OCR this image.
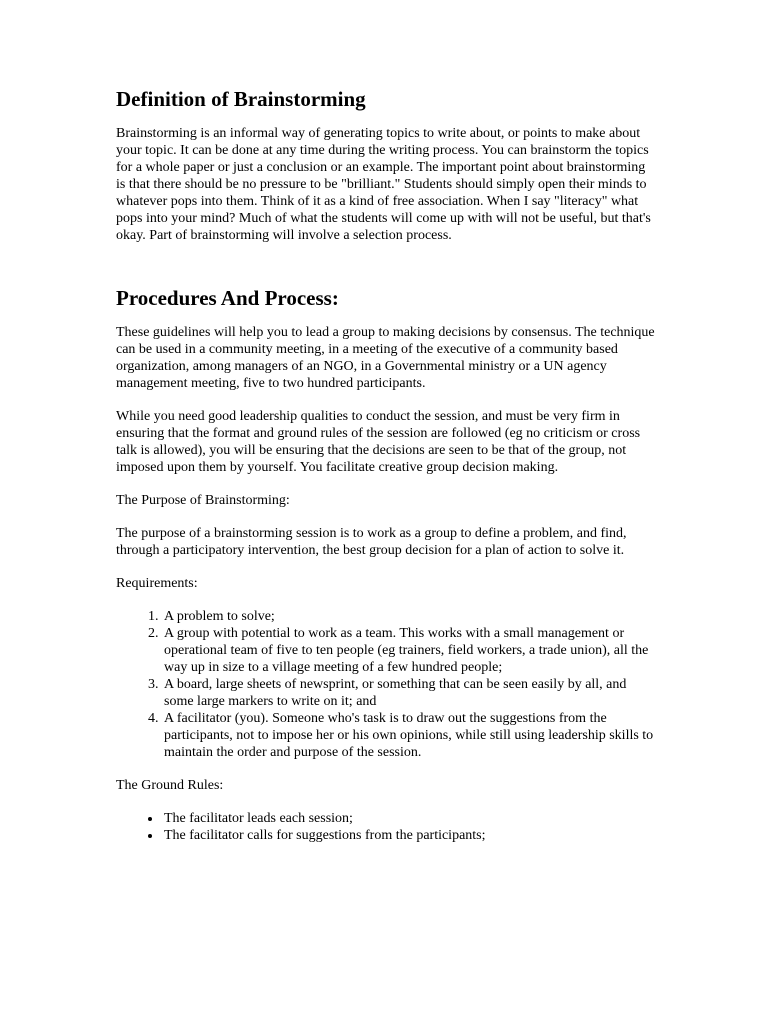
Definition of Brainstorming

Brainstorming is an informal way of generating topics to write about, or points to make about your topic. It can be done at any time during the writing process. You can brainstorm the topics for a whole paper or just a conclusion or an example. The important point about brainstorming is that there should be no pressure to be "brilliant." Students should simply open their minds to whatever pops into them. Think of it as a kind of free association. When I say "literacy" what pops into your mind? Much of what the students will come up with will not be useful, but that's okay. Part of brainstorming will involve a selection process.

Procedures And Process:

These guidelines will help you to lead a group to making decisions by consensus. The technique can be used in a community meeting, in a meeting of the executive of a community based organization, among managers of an NGO, in a Governmental ministry or a UN agency management meeting, five to two hundred participants.

While you need good leadership qualities to conduct the session, and must be very firm in ensuring that the format and ground rules of the session are followed (eg no criticism or cross talk is allowed), you will be ensuring that the decisions are seen to be that of the group, not imposed upon them by yourself. You facilitate creative group decision making.

The Purpose of Brainstorming:

The purpose of a brainstorming session is to work as a group to define a problem, and find, through a participatory intervention, the best group decision for a plan of action to solve it.

Requirements:

1. A problem to solve;
2. A group with potential to work as a team. This works with a small management or operational team of five to ten people (eg trainers, field workers, a trade union), all the way up in size to a village meeting of a few hundred people;
3. A board, large sheets of newsprint, or something that can be seen easily by all, and some large markers to write on it; and
4. A facilitator (you). Someone who's task is to draw out the suggestions from the participants, not to impose her or his own opinions, while still using leadership skills to maintain the order and purpose of the session.

The Ground Rules:

• The facilitator leads each session;
• The facilitator calls for suggestions from the participants;
